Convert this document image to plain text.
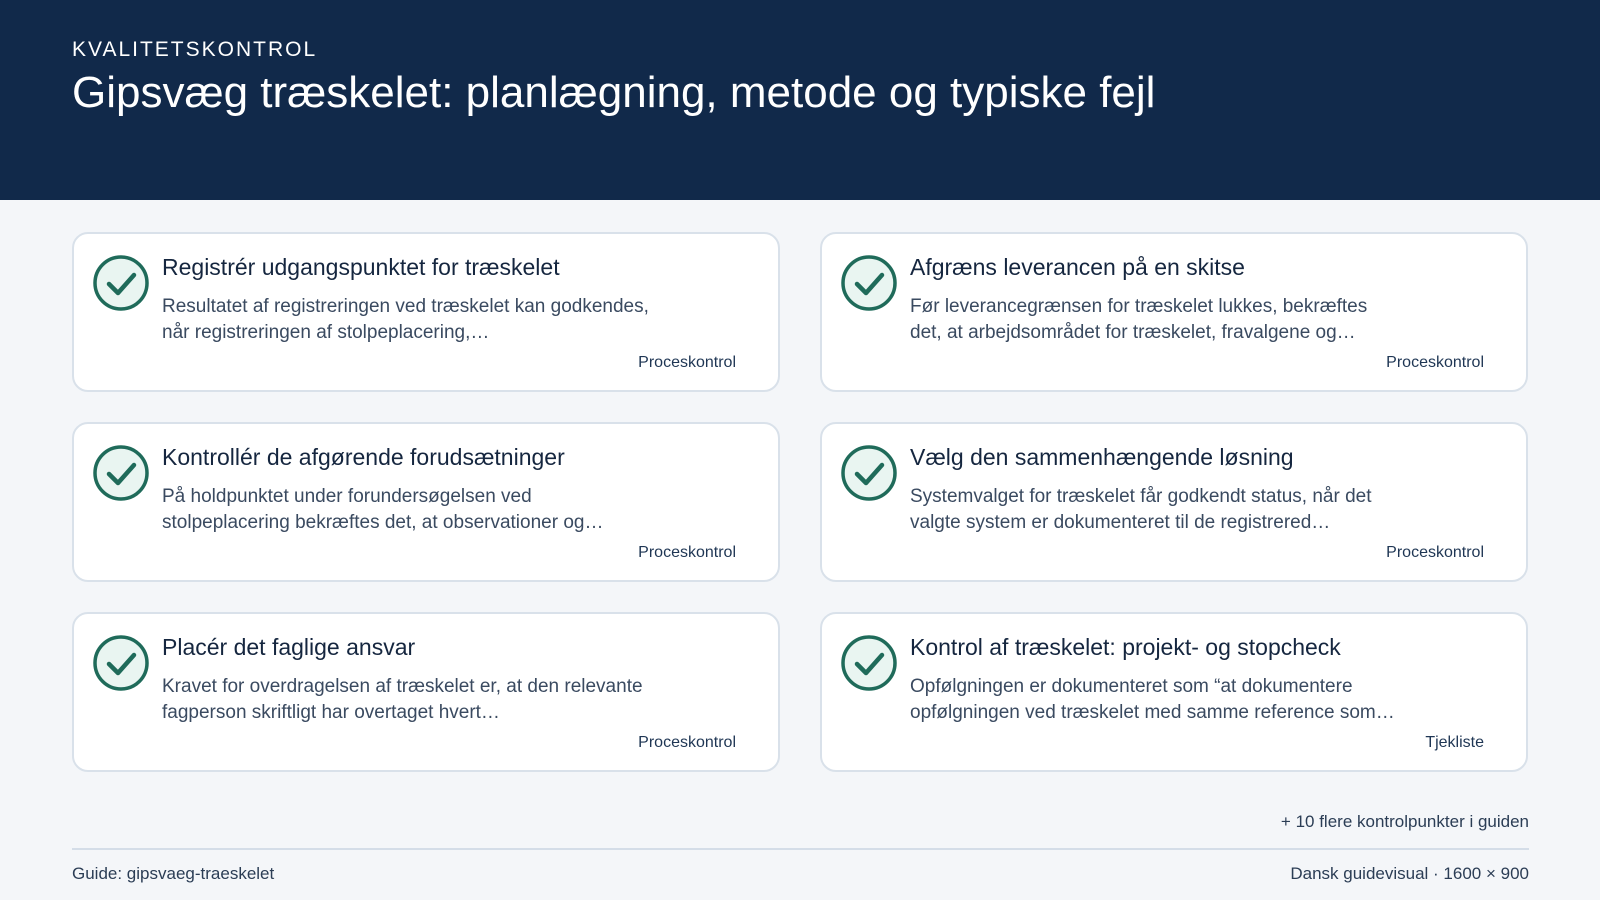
KVALITETSKONTROL
Gipsvæg træskelet: planlægning, metode og typiske fejl
Registrér udgangspunktet for træskelet
Resultatet af registreringen ved træskelet kan godkendes, når registreringen af stolpeplacering,…
Proceskontrol
Afgræns leverancen på en skitse
Før leverancegrænsen for træskelet lukkes, bekræftes det, at arbejdsområdet for træskelet, fravalgene og…
Proceskontrol
Kontrollér de afgørende forudsætninger
På holdpunktet under forundersøgelsen ved stolpeplacering bekræftes det, at observationer og…
Proceskontrol
Vælg den sammenhængende løsning
Systemvalget for træskelet får godkendt status, når det valgte system er dokumenteret til de registrered…
Proceskontrol
Placér det faglige ansvar
Kravet for overdragelsen af træskelet er, at den relevante fagperson skriftligt har overtaget hvert…
Proceskontrol
Kontrol af træskelet: projekt- og stopcheck
Opfølgningen er dokumenteret som “at dokumentere opfølgningen ved træskelet med samme reference som…
Tjekliste
+ 10 flere kontrolpunkter i guiden
Guide: gipsvaeg-traeskelet	Dansk guidevisual · 1600 × 900
